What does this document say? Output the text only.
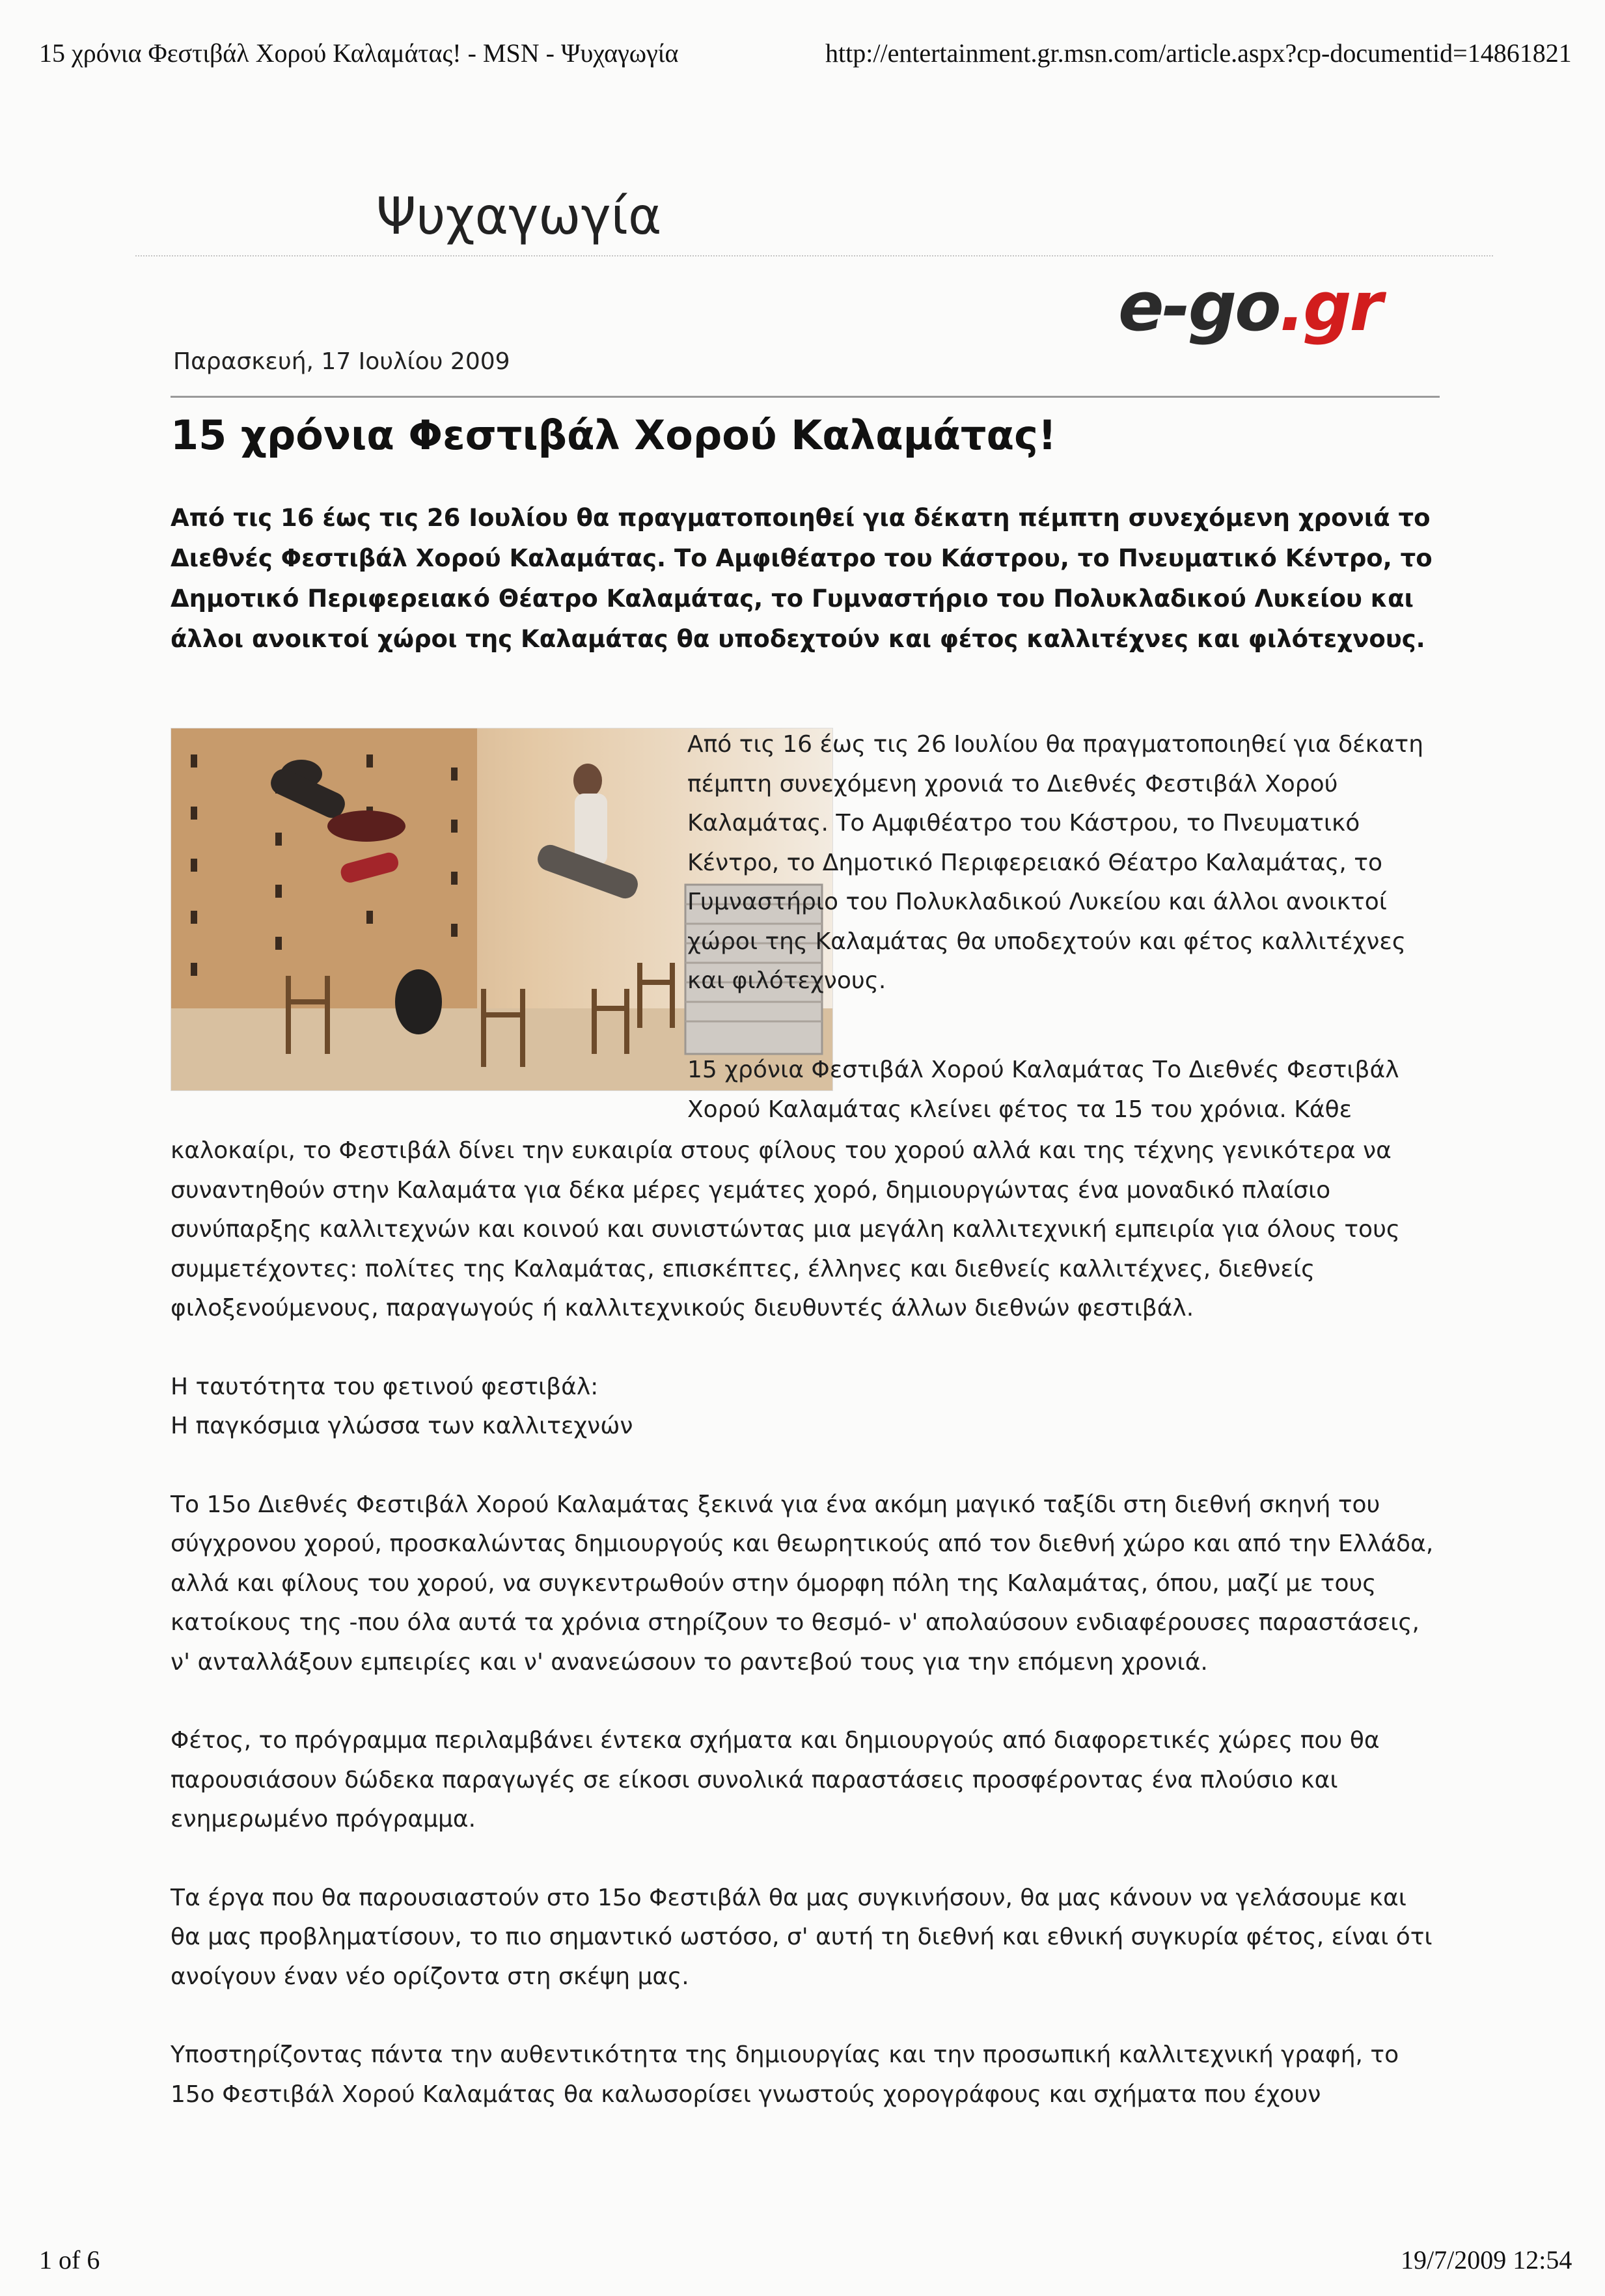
15 χρόνια Φεστιβάλ Χορού Καλαμάτας! - MSN - Ψυχαγωγία	http://entertainment.gr.msn.com/article.aspx?cp-documentid=14861821
Ψυχαγωγία
e-go.gr
Παρασκευή, 17 Ιουλίου 2009
15 χρόνια Φεστιβάλ Χορού Καλαμάτας!
Από τις 16 έως τις 26 Ιουλίου θα πραγματοποιηθεί για δέκατη πέμπτη συνεχόμενη χρονιά το Διεθνές Φεστιβάλ Χορού Καλαμάτας. Το Αμφιθέατρο του Κάστρου, το Πνευματικό Κέντρο, το Δημοτικό Περιφερειακό Θέατρο Καλαμάτας, το Γυμναστήριο του Πολυκλαδικού Λυκείου και άλλοι ανοικτοί χώροι της Καλαμάτας θα υποδεχτούν και φέτος καλλιτέχνες και φιλότεχνους.
Από τις 16 έως τις 26 Ιουλίου θα πραγματοποιηθεί για δέκατη πέμπτη συνεχόμενη χρονιά το Διεθνές Φεστιβάλ Χορού Καλαμάτας. Το Αμφιθέατρο του Κάστρου, το Πνευματικό Κέντρο, το Δημοτικό Περιφερειακό Θέατρο Καλαμάτας, το Γυμναστήριο του Πολυκλαδικού Λυκείου και άλλοι ανοικτοί χώροι της Καλαμάτας θα υποδεχτούν και φέτος καλλιτέχνες και φιλότεχνους.
15 χρόνια Φεστιβάλ Χορού Καλαμάτας Το Διεθνές Φεστιβάλ
Χορού Καλαμάτας κλείνει φέτος τα 15 του χρόνια. Κάθε

καλοκαίρι, το Φεστιβάλ δίνει την ευκαιρία στους φίλους του χορού αλλά και της τέχνης γενικότερα να συναντηθούν στην Καλαμάτα για δέκα μέρες γεμάτες χορό, δημιουργώντας ένα μοναδικό πλαίσιο συνύπαρξης καλλιτεχνών και κοινού και συνιστώντας μια μεγάλη καλλιτεχνική εμπειρία για όλους τους συμμετέχοντες: πολίτες της Καλαμάτας, επισκέπτες, έλληνες και διεθνείς καλλιτέχνες, διεθνείς φιλοξενούμενους, παραγωγούς ή καλλιτεχνικούς διευθυντές άλλων διεθνών φεστιβάλ.

Η ταυτότητα του φετινού φεστιβάλ:
Η παγκόσμια γλώσσα των καλλιτεχνών

Το 15ο Διεθνές Φεστιβάλ Χορού Καλαμάτας ξεκινά για ένα ακόμη μαγικό ταξίδι στη διεθνή σκηνή του σύγχρονου χορού, προσκαλώντας δημιουργούς και θεωρητικούς από τον διεθνή χώρο και από την Ελλάδα, αλλά και φίλους του χορού, να συγκεντρωθούν στην όμορφη πόλη της Καλαμάτας, όπου, μαζί με τους κατοίκους της -που όλα αυτά τα χρόνια στηρίζουν το θεσμό- ν' απολαύσουν ενδιαφέρουσες παραστάσεις, ν' ανταλλάξουν εμπειρίες και ν' ανανεώσουν το ραντεβού τους για την επόμενη χρονιά.

Φέτος, το πρόγραμμα περιλαμβάνει έντεκα σχήματα και δημιουργούς από διαφορετικές χώρες που θα παρουσιάσουν δώδεκα παραγωγές σε είκοσι συνολικά παραστάσεις προσφέροντας ένα πλούσιο και ενημερωμένο πρόγραμμα.

Τα έργα που θα παρουσιαστούν στο 15ο Φεστιβάλ θα μας συγκινήσουν, θα μας κάνουν να γελάσουμε και θα μας προβληματίσουν, το πιο σημαντικό ωστόσο, σ' αυτή τη διεθνή και εθνική συγκυρία φέτος, είναι ότι ανοίγουν έναν νέο ορίζοντα στη σκέψη μας.

Υποστηρίζοντας πάντα την αυθεντικότητα της δημιουργίας και την προσωπική καλλιτεχνική γραφή, το 15ο Φεστιβάλ Χορού Καλαμάτας θα καλωσορίσει γνωστούς χορογράφους και σχήματα που έχουν

1 of 6	19/7/2009 12:54
